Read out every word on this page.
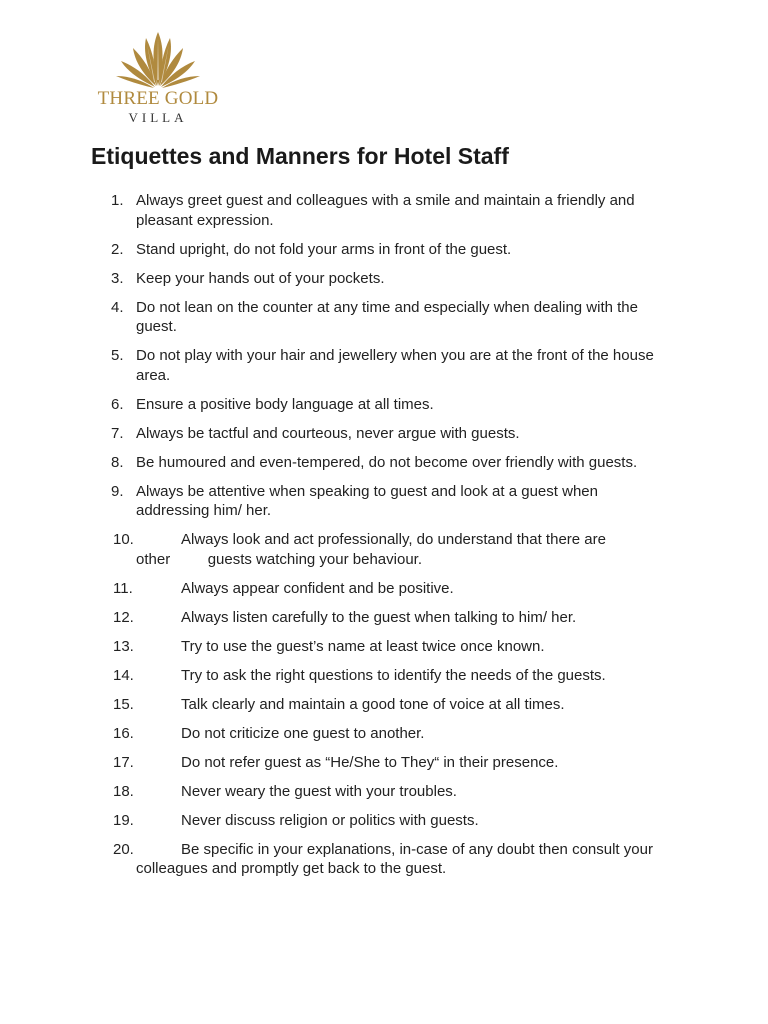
THREE GOLD
VILLA
Etiquettes and Manners for Hotel Staff
1. Always greet guest and colleagues with a smile and maintain a friendly and pleasant expression.
2. Stand upright, do not fold your arms in front of the guest.
3. Keep your hands out of your pockets.
4. Do not lean on the counter at any time and especially when dealing with the guest.
5. Do not play with your hair and jewellery when you are at the front of the house area.
6. Ensure a positive body language at all times.
7. Always be tactful and courteous, never argue with guests.
8. Be humoured and even-tempered, do not become over friendly with guests.
9. Always be attentive when speaking to guest and look at a guest when addressing him/ her.
10.	Always look and act professionally, do understand that there are other         guests watching your behaviour.
11.	Always appear confident and be positive.
12.	Always listen carefully to the guest when talking to him/ her.
13.	Try to use the guest’s name at least twice once known.
14.	Try to ask the right questions to identify the needs of the guests.
15.	Talk clearly and maintain a good tone of voice at all times.
16.	Do not criticize one guest to another.
17.	Do not refer guest as “He/She to They“ in their presence.
18.	Never weary the guest with your troubles.
19.	Never discuss religion or politics with guests.
20.	Be specific in your explanations, in-case of any doubt then consult your colleagues and promptly get back to the guest.
